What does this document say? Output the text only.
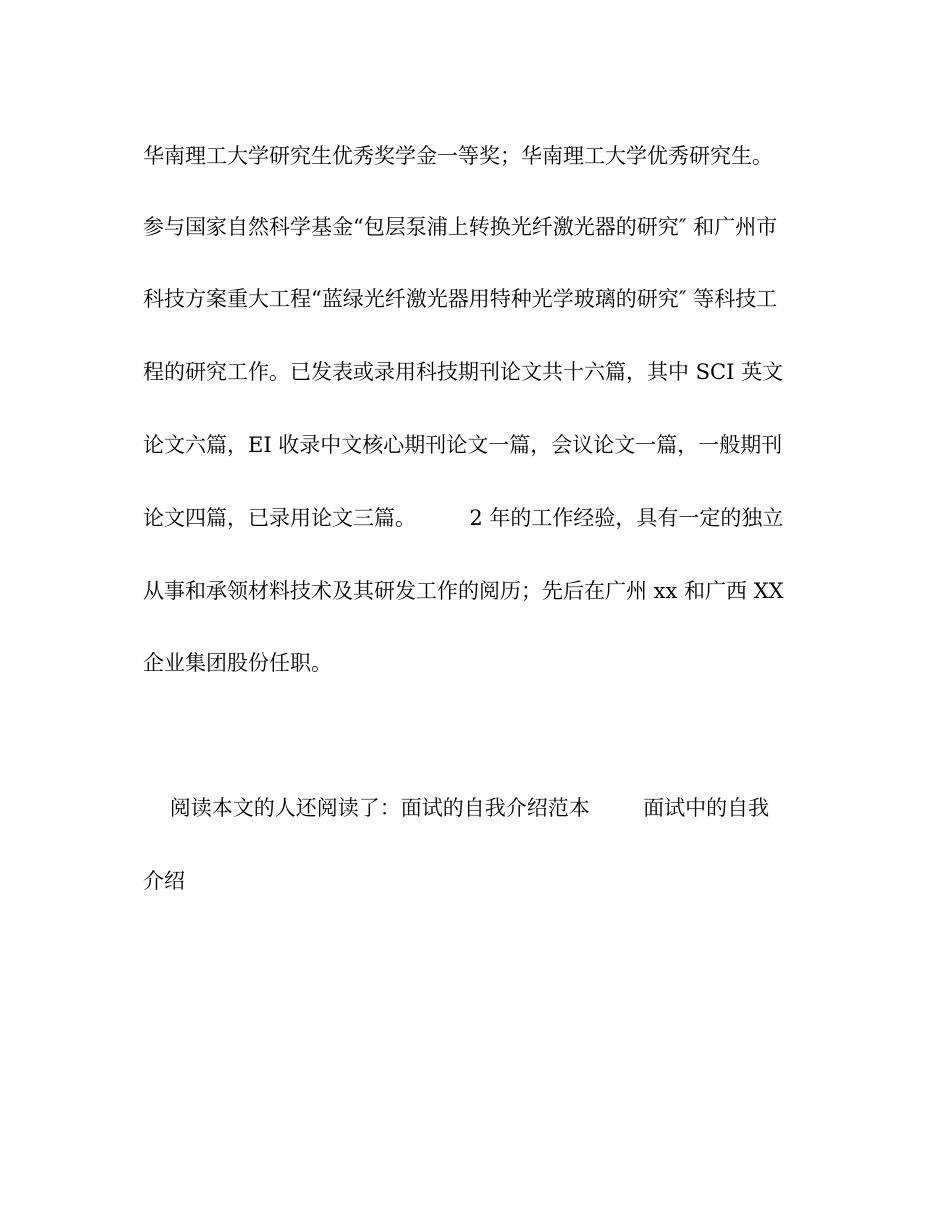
华南理工大学研究生优秀奖学金一等奖；华南理工大学优秀研究生。
参与国家自然科学基金“包层泵浦上转换光纤激光器的研究″ 和广州市
科技方案重大工程“蓝绿光纤激光器用特种光学玻璃的研究″ 等科技工
程的研究工作。已发表或录用科技期刊论文共十六篇，其中 SCI 英文
论文六篇，EI 收录中文核心期刊论文一篇，会议论文一篇，一般期刊
论文四篇，已录用论文三篇。        2 年的工作经验，具有一定的独立
从事和承领材料技术及其研发工作的阅历；先后在广州 xx 和广西 XX
企业集团股份任职。
阅读本文的人还阅读了：面试的自我介绍范本        面试中的自我
介绍
